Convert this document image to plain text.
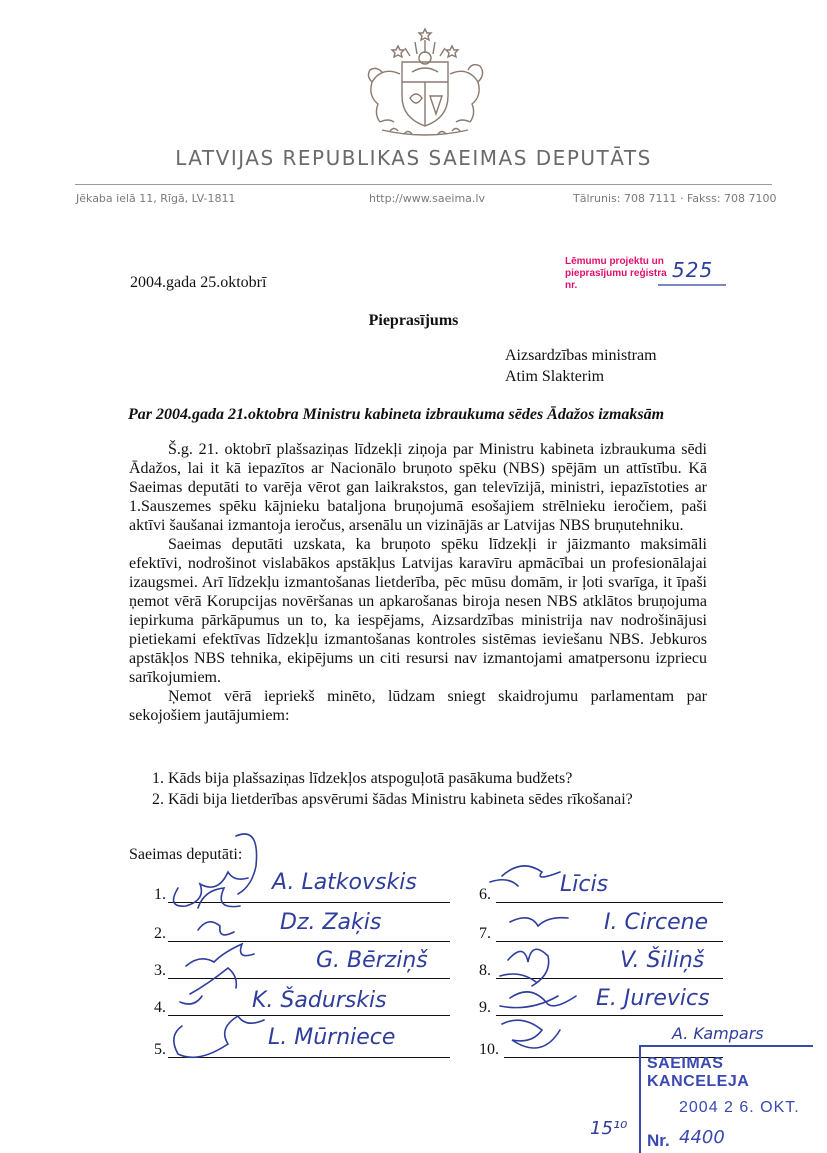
LATVIJAS REPUBLIKAS SAEIMAS DEPUTĀTS
Jēkaba ielā 11, Rīgā, LV-1811	http://www.saeima.lv	Tālrunis: 708 7111 · Fakss: 708 7100
Lēmumu projektu un pieprasījumu reģistra nr.
525
2004.gada 25.oktobrī
Pieprasījums
Aizsardzības ministram
Atim Slakterim
Par 2004.gada 21.oktobra Ministru kabineta izbraukuma sēdes Ādažos izmaksām

Š.g. 21. oktobrī plašsaziņas līdzekļi ziņoja par Ministru kabineta izbraukuma sēdi Ādažos, lai it kā iepazītos ar Nacionālo bruņoto spēku (NBS) spējām un attīstību. Kā Saeimas deputāti to varēja vērot gan laikrakstos, gan televīzijā, ministri, iepazīstoties ar 1.Sauszemes spēku kājnieku bataljona bruņojumā esošajiem strēlnieku ieročiem, paši aktīvi šaušanai izmantoja ieročus, arsenālu un vizinājās ar Latvijas NBS bruņutehniku.

Saeimas deputāti uzskata, ka bruņoto spēku līdzekļi ir jāizmanto maksimāli efektīvi, nodrošinot vislabākos apstākļus Latvijas karavīru apmācībai un profesionālajai izaugsmei. Arī līdzekļu izmantošanas lietderība, pēc mūsu domām, ir ļoti svarīga, it īpaši ņemot vērā Korupcijas novēršanas un apkarošanas biroja nesen NBS atklātos bruņojuma iepirkuma pārkāpumus un to, ka iespējams, Aizsardzības ministrija nav nodrošinājusi pietiekami efektīvas līdzekļu izmantošanas kontroles sistēmas ieviešanu NBS. Jebkuros apstākļos NBS tehnika, ekipējums un citi resursi nav izmantojami amatpersonu izpriecu sarīkojumiem.

Ņemot vērā iepriekš minēto, lūdzam sniegt skaidrojumu parlamentam par sekojošiem jautājumiem:

1. Kāds bija plašsaziņas līdzekļos atspoguļotā pasākuma budžets?
2. Kādi bija lietderības apsvērumi šādas Ministru kabineta sēdes rīkošanai?
Saeimas deputāti:
1.	A. Latkovskis
2.	Dz. Zaķis
3.	G. Bērziņš
4.	K. Šadurskis
5.	L. Mūrniece
6.	Līcis
7.	I. Circene
8.	V. Šiliņš
9.	E. Jurevics
10.
A. Kampars
15¹⁰
SAEIMAS KANCELEJA
2004 2 6. OKT.
Nr. 4400
